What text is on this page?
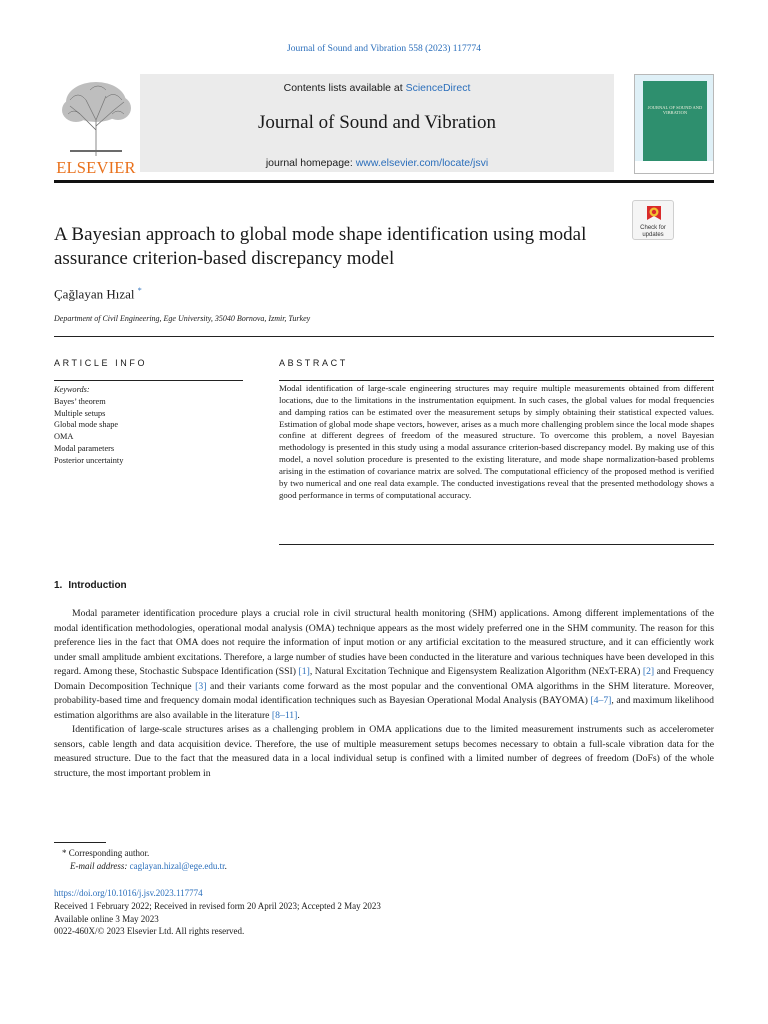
Journal of Sound and Vibration 558 (2023) 117774
ELSEVIER
Contents lists available at ScienceDirect
Journal of Sound and Vibration
journal homepage: www.elsevier.com/locate/jsvi
JOURNAL OF SOUND AND VIBRATION
Check for updates
A Bayesian approach to global mode shape identification using modal assurance criterion-based discrepancy model
Çağlayan Hızal *
Department of Civil Engineering, Ege University, 35040 Bornova, Izmir, Turkey
ARTICLE INFO	ABSTRACT
Keywords:
Bayes’ theorem
Multiple setups
Global mode shape
OMA
Modal parameters
Posterior uncertainty
Modal identification of large-scale engineering structures may require multiple measurements obtained from different locations, due to the limitations in the instrumentation equipment. In such cases, the global values for modal frequencies and damping ratios can be estimated over the measurement setups by simply obtaining their statistical expected values. Estimation of global mode shape vectors, however, arises as a much more challenging problem since the local mode shapes confine at different degrees of freedom of the measured structure. To overcome this problem, a novel Bayesian methodology is presented in this study using a modal assurance criterion-based discrepancy model. By making use of this model, a novel solution procedure is presented to the existing literature, and mode shape normalization-based problems arising in the estimation of covariance matrix are solved. The computational efficiency of the proposed method is verified by two numerical and one real data example. The conducted investigations reveal that the presented methodology shows a good performance in terms of computational accuracy.
1. Introduction

Modal parameter identification procedure plays a crucial role in civil structural health monitoring (SHM) applications. Among different implementations of the modal identification methodologies, operational modal analysis (OMA) technique appears as the most widely preferred one in the SHM community. The reason for this preference lies in the fact that OMA does not require the information of input motion or any artificial excitation to the measured structure, and it can efficiently work under small amplitude ambient excitations. Therefore, a large number of studies have been conducted in the literature and various techniques have been developed in this regard. Among these, Stochastic Subspace Identification (SSI) [1], Natural Excitation Technique and Eigensystem Realization Algorithm (NExT-ERA) [2] and Frequency Domain Decomposition Technique [3] and their variants come forward as the most popular and the conventional OMA algorithms in the SHM literature. Moreover, probability-based time and frequency domain modal identification techniques such as Bayesian Operational Modal Analysis (BAYOMA) [4–7], and maximum likelihood estimation algorithms are also available in the literature [8–11].

Identification of large-scale structures arises as a challenging problem in OMA applications due to the limited measurement instruments such as accelerometer sensors, cable length and data acquisition device. Therefore, the use of multiple measurement setups becomes necessary to obtain a full-scale vibration data for the measured structure. Due to the fact that the measured data in a local individual setup is confined with a limited number of degrees of freedom (DoFs) of the whole structure, the most important problem in

* Corresponding author.
E-mail address: caglayan.hizal@ege.edu.tr.
https://doi.org/10.1016/j.jsv.2023.117774
Received 1 February 2022; Received in revised form 20 April 2023; Accepted 2 May 2023
Available online 3 May 2023
0022-460X/© 2023 Elsevier Ltd. All rights reserved.
